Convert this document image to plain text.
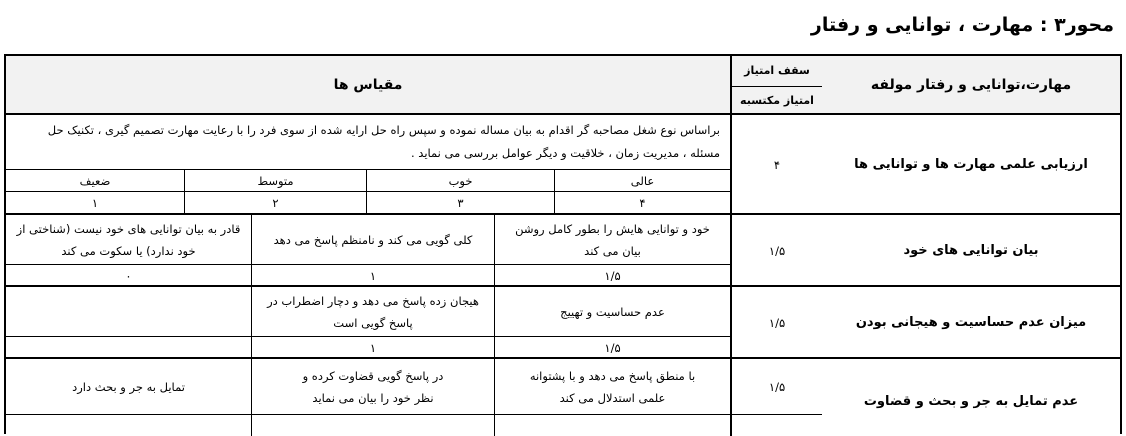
محور۳ : مهارت ، توانایی و رفتار
مهارت،توانایی و رفتار مولفه
سقف امتیاز
امتیاز مکتسبه
مقیاس ها
ارزیابی علمی مهارت ها و توانایی ها
۴
براساس نوع شغل مصاحبه گر اقدام به بیان مساله نموده و سپس راه حل ارایه شده از سوی فرد را با رعایت مهارت تصمیم گیری ، تکنیک حل مسئله ، مدیریت زمان ، خلاقیت و دیگر عوامل بررسی می نماید .
عالی
خوب
متوسط
ضعیف
۴
۳
۲
۱
بیان توانایی های خود
۱/۵
خود و توانایی هایش را بطور کامل روشن بیان می کند
کلی گویی می کند و نامنظم پاسخ می دهد
قادر به بیان توانایی های خود نیست (شناختی از خود ندارد) یا سکوت می کند
۱/۵
۱
۰
میزان عدم حساسیت و هیجانی بودن
۱/۵
عدم حساسیت و تهییج
هیجان زده پاسخ می دهد و دچار اضطراب در پاسخ گویی است
۱/۵
۱
عدم تمایل به جر و بحث و قضاوت
۱/۵
با منطق پاسخ می دهد و با پشتوانه علمی استدلال می کند
در پاسخ گویی قضاوت کرده و نظر خود را بیان می نماید
تمایل به جر و بحث دارد
